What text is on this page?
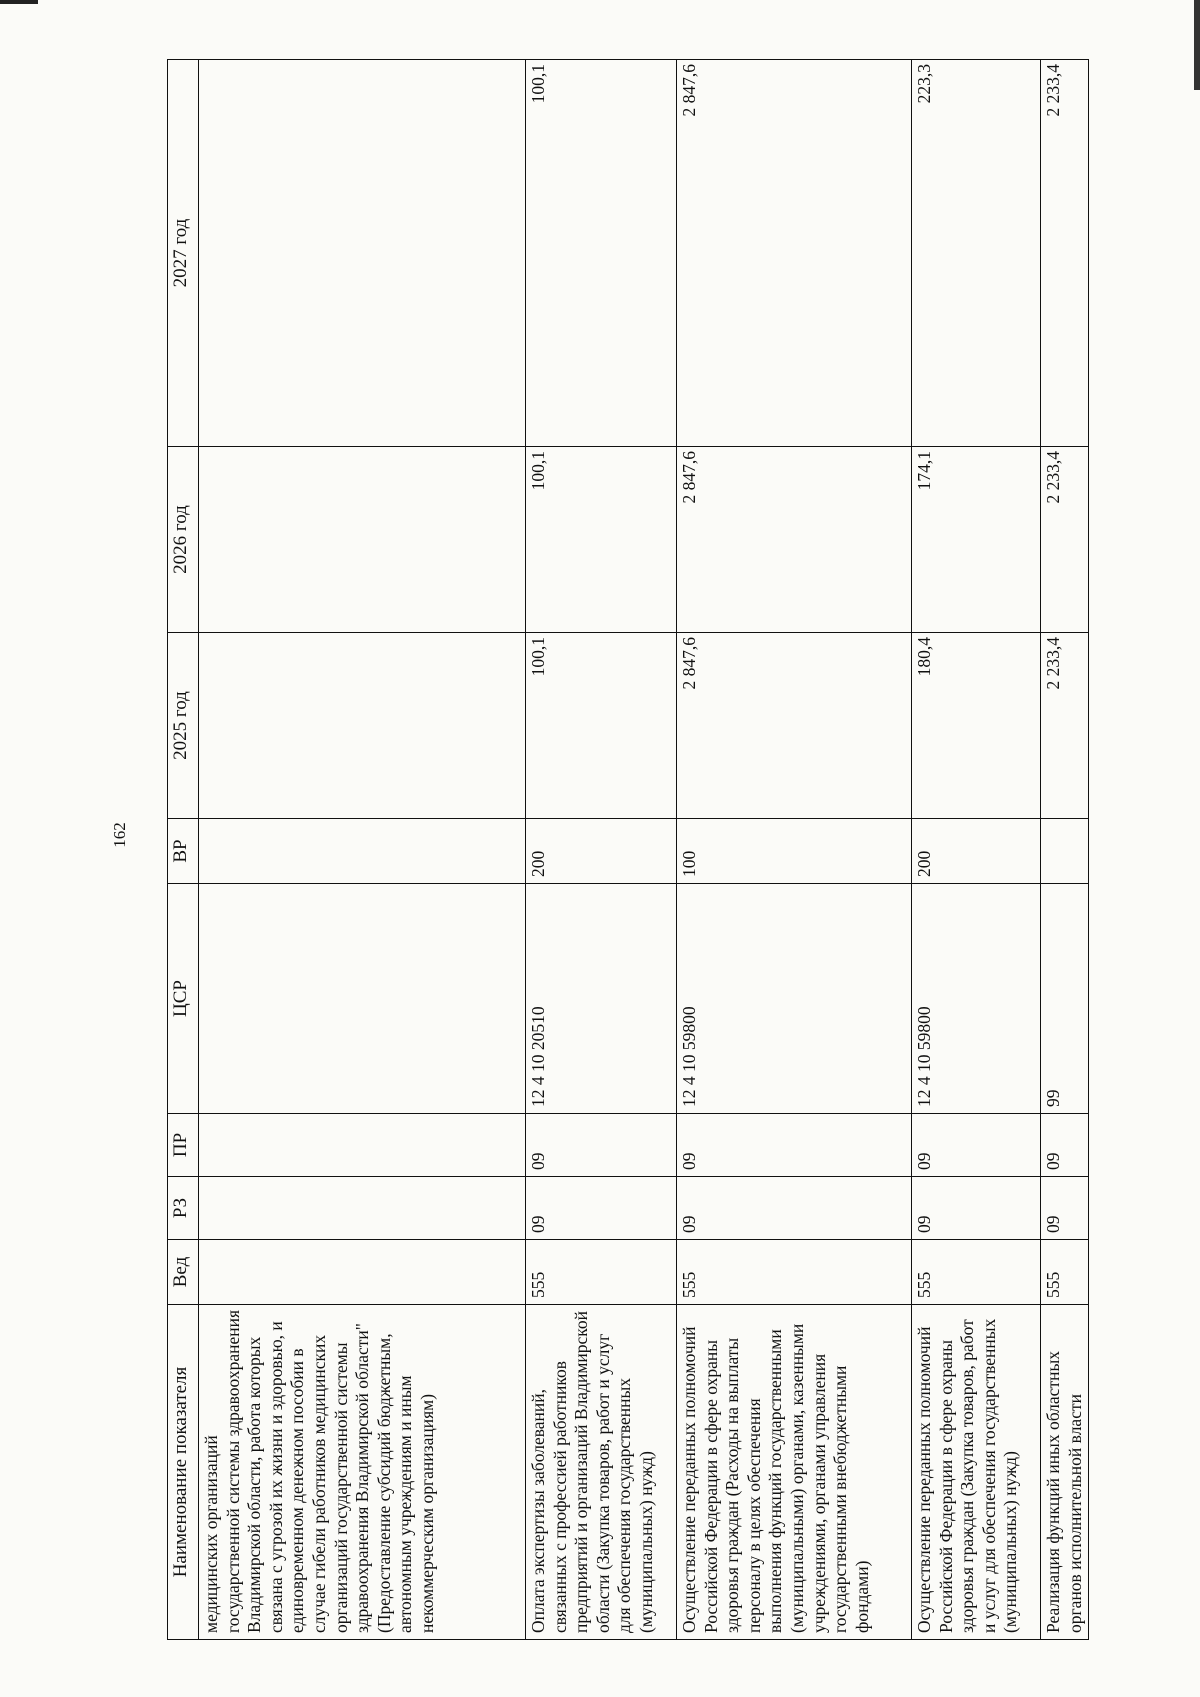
162
Наименование показателя	Вед	РЗ	ПР	ЦСР	ВР	2025 год	2026 год	2027 год
медицинских организаций государственной системы здравоохранения Владимирской области, работа которых связана с угрозой их жизни и здоровью, и единовременном денежном пособии в случае гибели работников медицинских организаций государственной системы здравоохранения Владимирской области" (Предоставление субсидий бюджетным, автономным учреждениям и иным некоммерческим организациям)								
Оплата экспертизы заболеваний, связанных с профессией работников предприятий и организаций Владимирской области (Закупка товаров, работ и услуг для обеспечения государственных (муниципальных) нужд)	555	09	09	12 4 10 20510	200	100,1	100,1	100,1
Осуществление переданных полномочий Российской Федерации в сфере охраны здоровья граждан (Расходы на выплаты персоналу в целях обеспечения выполнения функций государственными (муниципальными) органами, казенными учреждениями, органами управления государственными внебюджетными фондами)	555	09	09	12 4 10 59800	100	2 847,6	2 847,6	2 847,6
Осуществление переданных полномочий Российской Федерации в сфере охраны здоровья граждан (Закупка товаров, работ и услуг для обеспечения государственных (муниципальных) нужд)	555	09	09	12 4 10 59800	200	180,4	174,1	223,3
Реализация функций иных областных органов исполнительной власти	555	09	09	99		2 233,4	2 233,4	2 233,4
